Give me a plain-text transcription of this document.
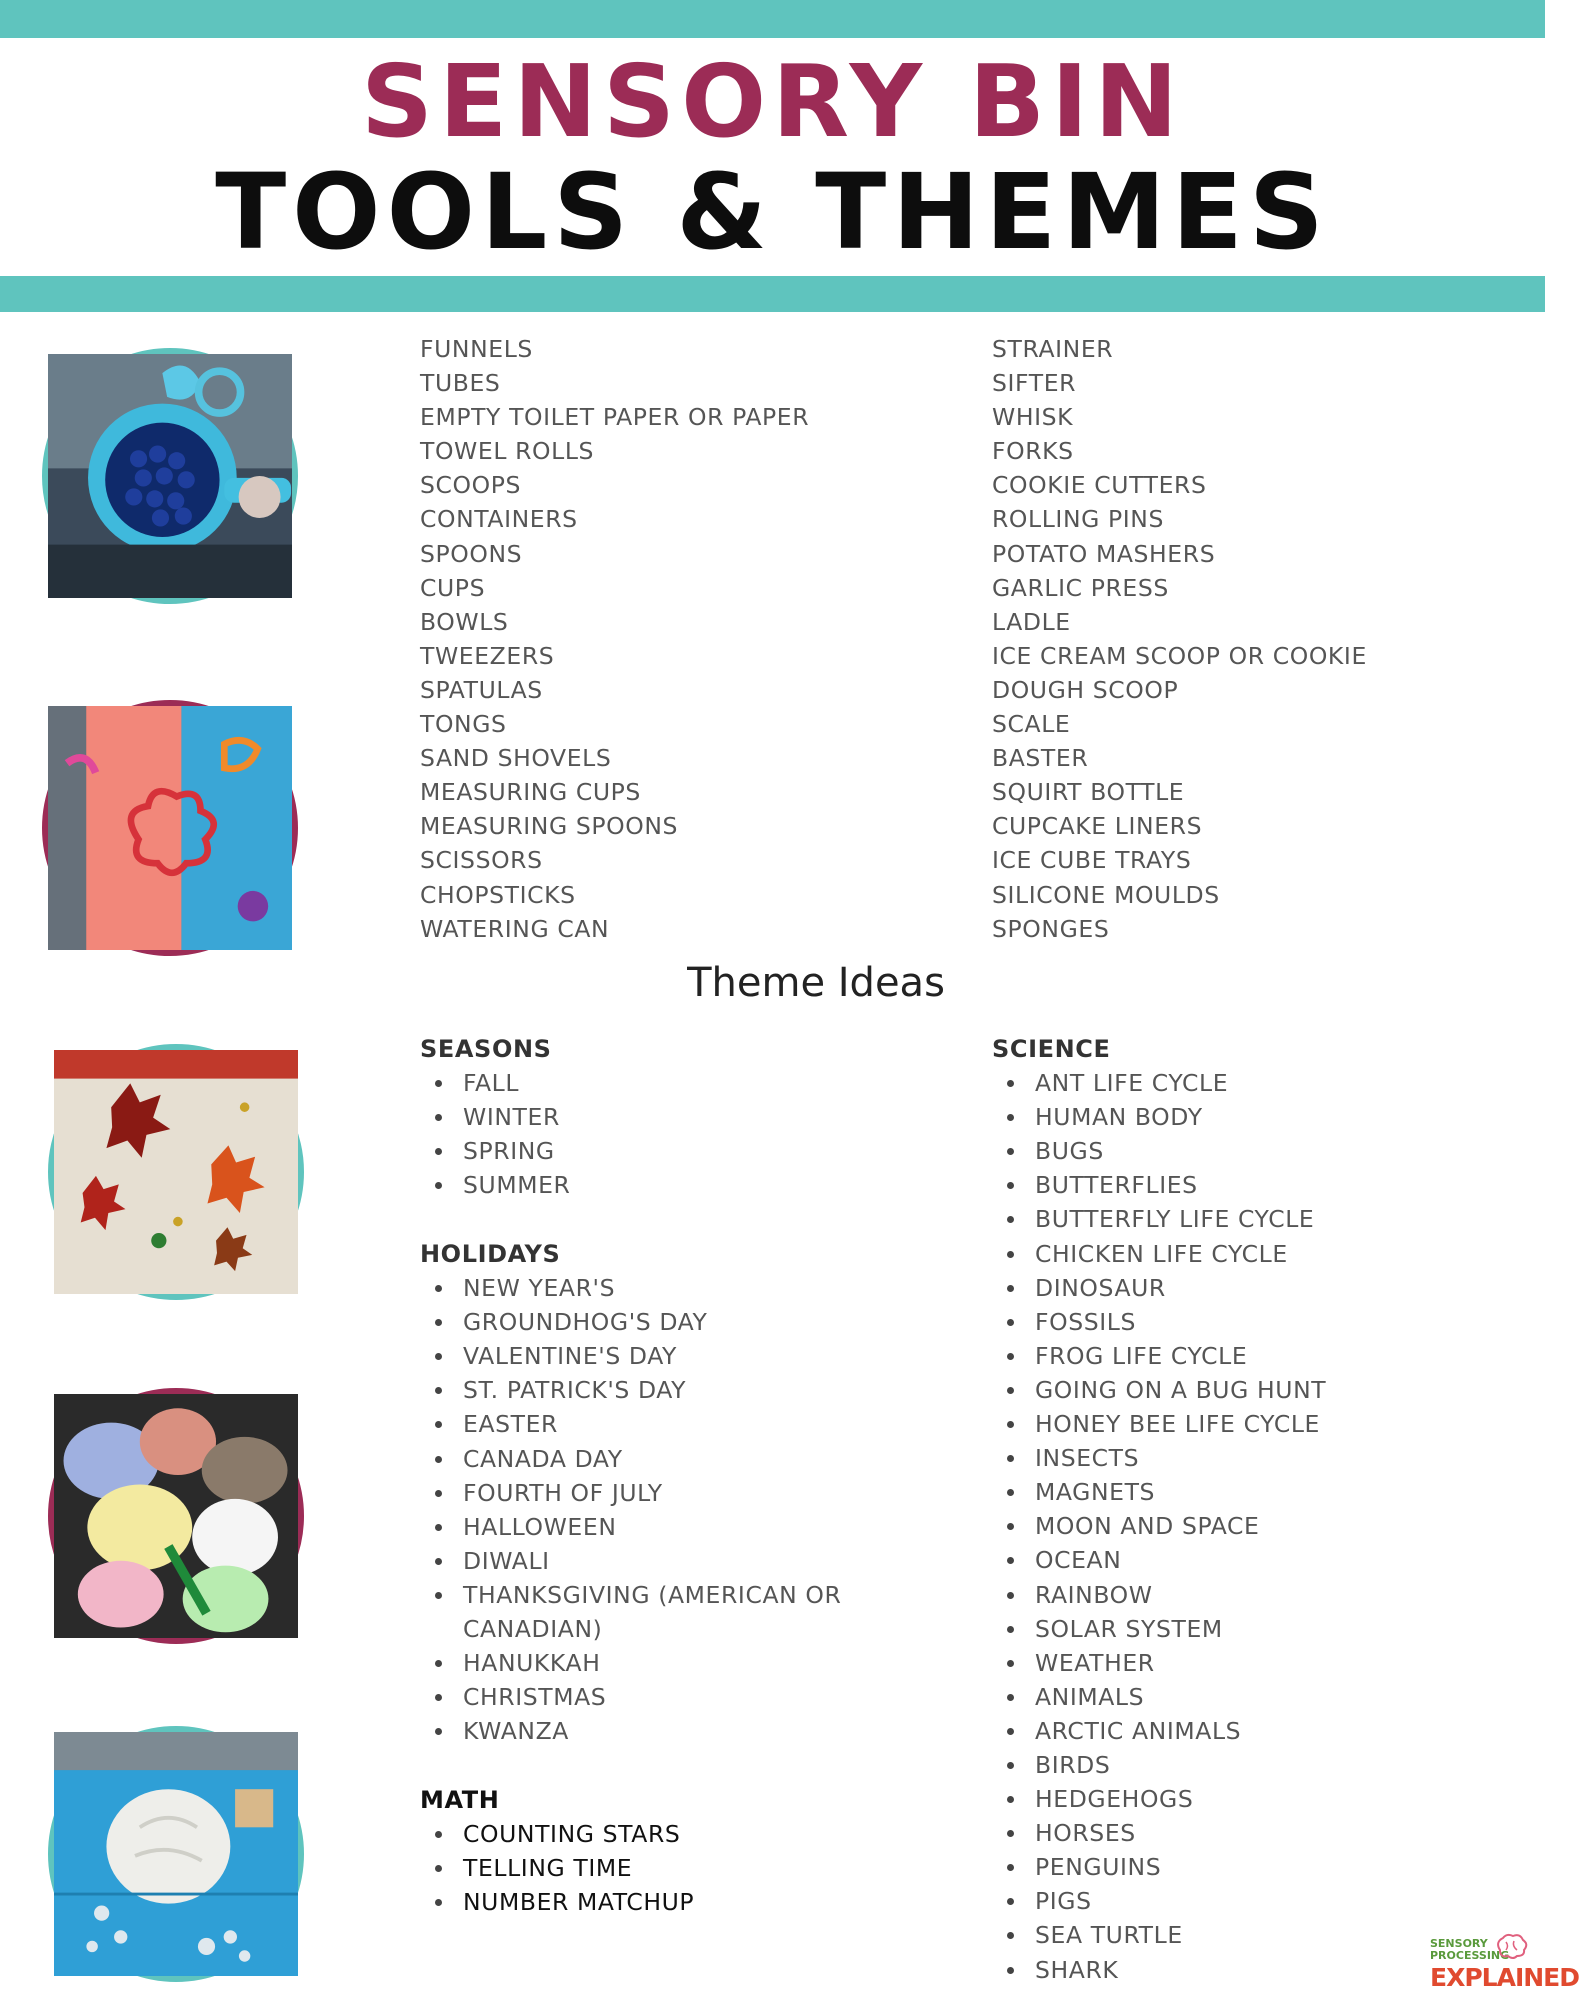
SENSORY BIN
TOOLS & THEMES
FUNNELS
TUBES
EMPTY TOILET PAPER OR PAPER
TOWEL ROLLS
SCOOPS
CONTAINERS
SPOONS
CUPS
BOWLS
TWEEZERS
SPATULAS
TONGS
SAND SHOVELS
MEASURING CUPS
MEASURING SPOONS
SCISSORS
CHOPSTICKS
WATERING CAN
STRAINER
SIFTER
WHISK
FORKS
COOKIE CUTTERS
ROLLING PINS
POTATO MASHERS
GARLIC PRESS
LADLE
ICE CREAM SCOOP OR COOKIE
DOUGH SCOOP
SCALE
BASTER
SQUIRT BOTTLE
CUPCAKE LINERS
ICE CUBE TRAYS
SILICONE MOULDS
SPONGES
Theme Ideas
SEASONS
FALL
WINTER
SPRING
SUMMER
HOLIDAYS
NEW YEAR'S
GROUNDHOG'S DAY
VALENTINE'S DAY
ST. PATRICK'S DAY
EASTER
CANADA DAY
FOURTH OF JULY
HALLOWEEN
DIWALI
THANKSGIVING (AMERICAN OR CANADIAN)
HANUKKAH
CHRISTMAS
KWANZA
MATH
COUNTING STARS
TELLING TIME
NUMBER MATCHUP
SCIENCE
ANT LIFE CYCLE
HUMAN BODY
BUGS
BUTTERFLIES
BUTTERFLY LIFE CYCLE
CHICKEN LIFE CYCLE
DINOSAUR
FOSSILS
FROG LIFE CYCLE
GOING ON A BUG HUNT
HONEY BEE LIFE CYCLE
INSECTS
MAGNETS
MOON AND SPACE
OCEAN
RAINBOW
SOLAR SYSTEM
WEATHER
ANIMALS
ARCTIC ANIMALS
BIRDS
HEDGEHOGS
HORSES
PENGUINS
PIGS
SEA TURTLE
SHARK
SENSORY
PROCESSING
EXPLAINED
